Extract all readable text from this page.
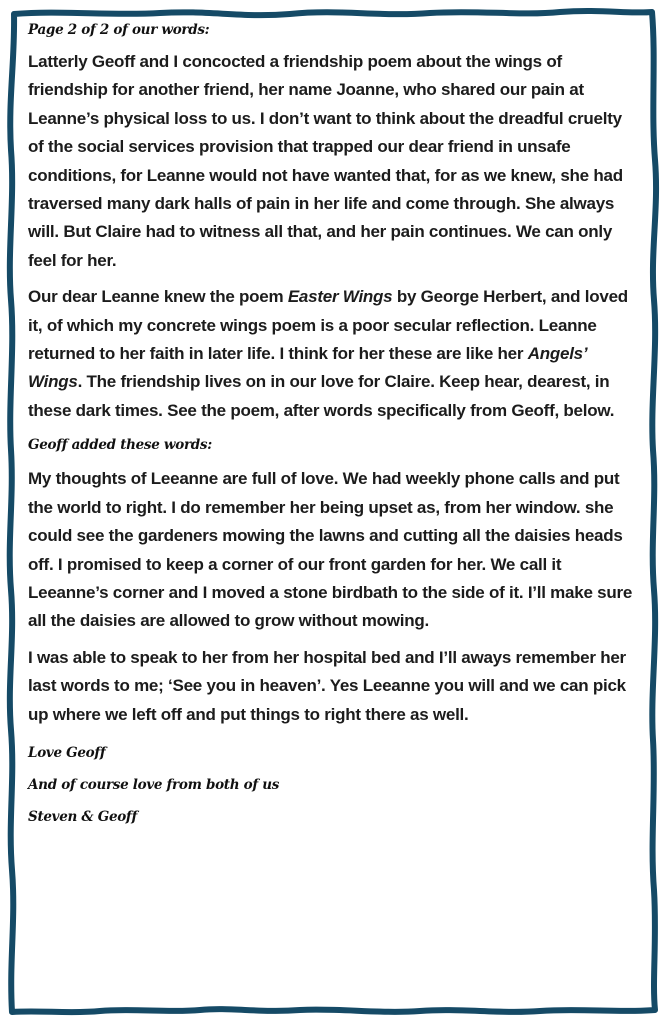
Page 2 of 2 of our words:

Latterly Geoff and I concocted a friendship poem about the wings of friendship for another friend, her name Joanne, who shared our pain at Leanne’s physical loss to us. I don’t want to think about the dreadful cruelty of the social services provision that trapped our dear friend in unsafe conditions, for Leanne would not have wanted that, for as we knew, she had traversed many dark halls of pain in her life and come through. She always will. But Claire had to witness all that, and her pain continues. We can only feel for her.

Our dear Leanne knew the poem Easter Wings by George Herbert, and loved it, of which my concrete wings poem is a poor secular reflection. Leanne returned to her faith in later life. I think for her these are like her Angels’ Wings. The friendship lives on in our love for Claire. Keep hear, dearest, in these dark times. See the poem, after words specifically from Geoff, below.

Geoff added these words:

My thoughts of Leeanne are full of love. We had weekly phone calls and put the world to right. I do remember her being upset as, from her window. she could see the gardeners mowing the lawns and cutting all the daisies heads off. I promised to keep a corner of our front garden for her. We call it Leeanne’s corner and I moved a stone birdbath to the side of it. I’ll make sure all the daisies are allowed to grow without mowing.

I was able to speak to her from her hospital bed and I’ll aways remember her last words to me; ‘See you in heaven’. Yes Leeanne you will and we can pick up where we left off and put things to right there as well.

Love Geoff

And of course love from both of us

Steven & Geoff
